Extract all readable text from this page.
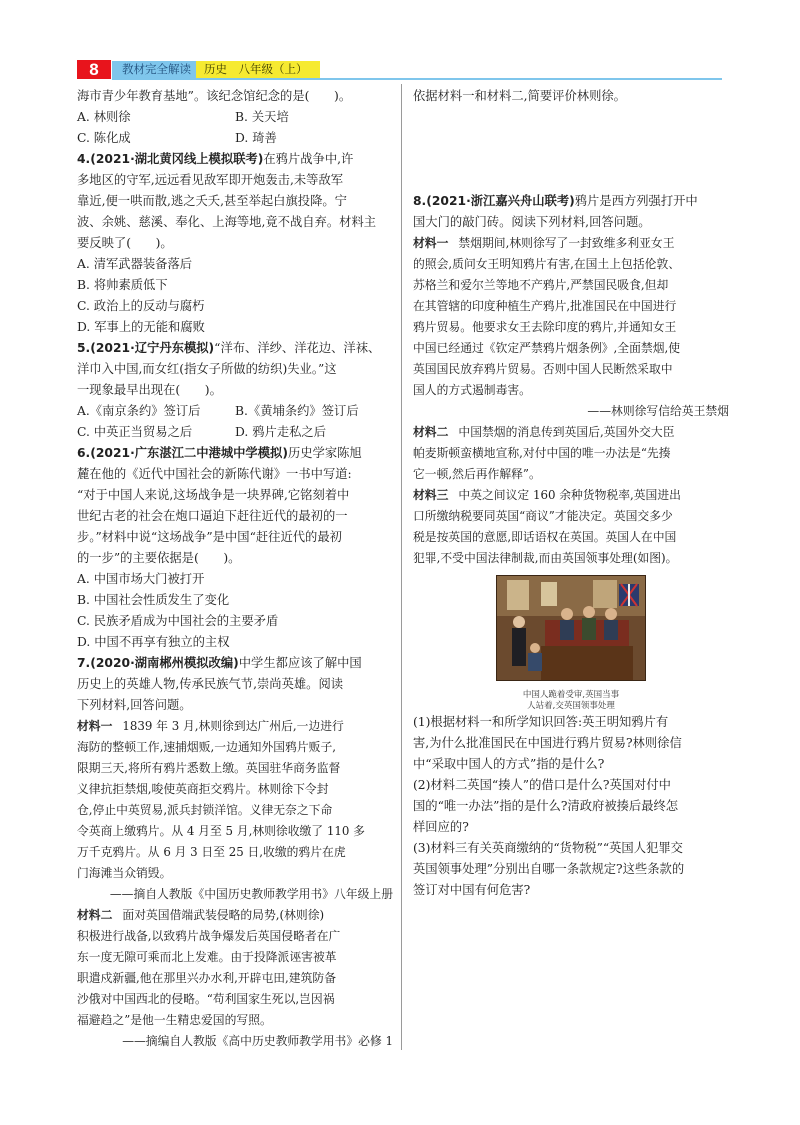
8	教材完全解读	历史　八年级（上）
海市青少年教育基地”。该纪念馆纪念的是(　　)。
A. 林则徐	B. 关天培
C. 陈化成	D. 琦善
4.(2021·湖北黄冈线上模拟联考)在鸦片战争中,许
多地区的守军,远远看见敌军即开炮轰击,未等敌军
靠近,便一哄而散,逃之夭夭,甚至举起白旗投降。宁
波、余姚、慈溪、奉化、上海等地,竟不战自弃。材料主
要反映了(　　)。
A. 清军武器装备落后
B. 将帅素质低下
C. 政治上的反动与腐朽
D. 军事上的无能和腐败
5.(2021·辽宁丹东模拟)“洋布、洋纱、洋花边、洋袜、
洋巾入中国,而女红(指女子所做的纺织)失业。”这
一现象最早出现在(　　)。
A.《南京条约》签订后	B.《黄埔条约》签订后
C. 中英正当贸易之后	D. 鸦片走私之后
6.(2021·广东湛江二中港城中学模拟)历史学家陈旭
麓在他的《近代中国社会的新陈代谢》一书中写道:
“对于中国人来说,这场战争是一块界碑,它铭刻着中
世纪古老的社会在炮口逼迫下赶往近代的最初的一
步。”材料中说“这场战争”是中国“赶往近代的最初
的一步”的主要依据是(　　)。
A. 中国市场大门被打开
B. 中国社会性质发生了变化
C. 民族矛盾成为中国社会的主要矛盾
D. 中国不再享有独立的主权
7.(2020·湖南郴州模拟改编)中学生都应该了解中国
历史上的英雄人物,传承民族气节,崇尚英雄。阅读
下列材料,回答问题。
材料一 1839 年 3 月,林则徐到达广州后,一边进行
海防的整顿工作,速捕烟贩,一边通知外国鸦片贩子,
限期三天,将所有鸦片悉数上缴。英国驻华商务监督
义律抗拒禁烟,唆使英商拒交鸦片。林则徐下令封
仓,停止中英贸易,派兵封锁洋馆。义律无奈之下命
令英商上缴鸦片。从 4 月至 5 月,林则徐收缴了 110 多
万千克鸦片。从 6 月 3 日至 25 日,收缴的鸦片在虎
门海滩当众销毁。
——摘自人教版《中国历史教师教学用书》八年级上册
材料二 面对英国借端武装侵略的局势,(林则徐)
积极进行战备,以致鸦片战争爆发后英国侵略者在广
东一度无隙可乘而北上发难。由于投降派诬害被革
职遣戍新疆,他在那里兴办水利,开辟屯田,建筑防备
沙俄对中国西北的侵略。“苟利国家生死以,岂因祸
福避趋之”是他一生精忠爱国的写照。
——摘编自人教版《高中历史教师教学用书》必修 1
依据材料一和材料二,简要评价林则徐。
8.(2021·浙江嘉兴舟山联考)鸦片是西方列强打开中
国大门的敲门砖。阅读下列材料,回答问题。
材料一 禁烟期间,林则徐写了一封致维多利亚女王
的照会,质问女王明知鸦片有害,在国土上包括伦敦、
苏格兰和爱尔兰等地不产鸦片,严禁国民吸食,但却
在其管辖的印度种植生产鸦片,批准国民在中国进行
鸦片贸易。他要求女王去除印度的鸦片,并通知女王
中国已经通过《钦定严禁鸦片烟条例》,全面禁烟,使
英国国民放弃鸦片贸易。否则中国人民断然采取中
国人的方式遏制毒害。
——林则徐写信给英王禁烟
材料二 中国禁烟的消息传到英国后,英国外交大臣
帕麦斯顿蛮横地宣称,对付中国的唯一办法是“先揍
它一顿,然后再作解释”。
材料三 中英之间议定 160 余种货物税率,英国进出
口所缴纳税要同英国“商议”才能决定。英国交多少
税是按英国的意愿,即话语权在英国。英国人在中国
犯罪,不受中国法律制裁,而由英国领事处理(如图)。
中国人跪着受审,英国当事
人站着,交英国领事处理
(1)根据材料一和所学知识回答:英王明知鸦片有
害,为什么批准国民在中国进行鸦片贸易?林则徐信
中“采取中国人的方式”指的是什么?
(2)材料二英国“揍人”的借口是什么?英国对付中
国的“唯一办法”指的是什么?清政府被揍后最终怎
样回应的?
(3)材料三有关英商缴纳的“货物税”“英国人犯罪交
英国领事处理”分别出自哪一条款规定?这些条款的
签订对中国有何危害?
